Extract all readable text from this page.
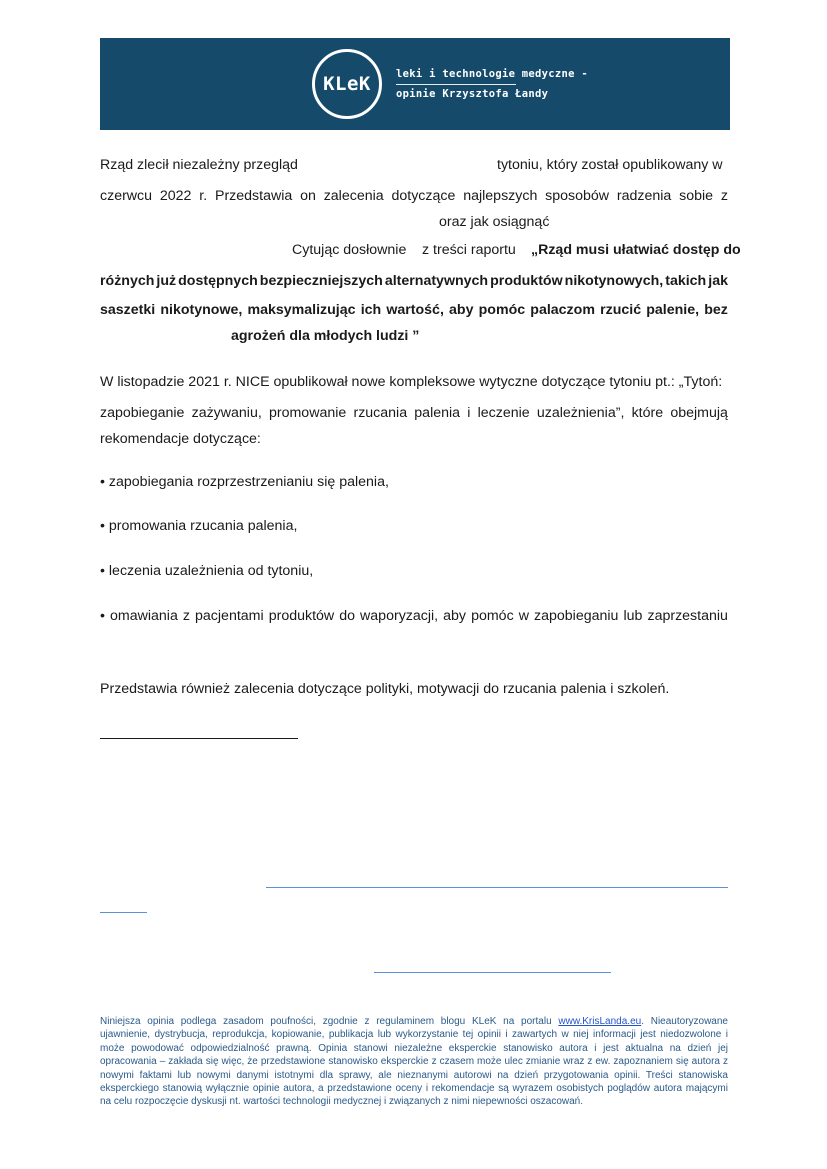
KLeK leki i technologie medyczne -
opinie Krzysztofa Łandy
Rząd zlecił niezależny przegląd	tytoniu, który został opublikowany w
czerwcu 2022 r. Przedstawia on zalecenia dotyczące najlepszych sposobów radzenia sobie z
oraz jak osiągnąć
Cytując dosłownie z treści raportu „Rząd musi ułatwiać dostęp do
różnych już dostępnych bezpieczniejszych alternatywnych produktów nikotynowych, takich jak
saszetki nikotynowe, maksymalizując ich wartość, aby pomóc palaczom rzucić palenie, bez
agrożeń dla młodych ludzi ”
W listopadzie 2021 r. NICE opublikował nowe kompleksowe wytyczne dotyczące tytoniu pt.: „Tytoń:
zapobieganie zażywaniu, promowanie rzucania palenia i leczenie uzależnienia”, które obejmują
rekomendacje dotyczące:
• zapobiegania rozprzestrzenianiu się palenia,
• promowania rzucania palenia,
• leczenia uzależnienia od tytoniu,
• omawiania z pacjentami produktów do waporyzacji, aby pomóc w zapobieganiu lub zaprzestaniu
Przedstawia również zalecenia dotyczące polityki, motywacji do rzucania palenia i szkoleń.
Niniejsza opinia podlega zasadom poufności, zgodnie z regulaminem blogu KLeK na portalu www.KrisLanda.eu. Nieautoryzowane ujawnienie, dystrybucja, reprodukcja, kopiowanie, publikacja lub wykorzystanie tej opinii i zawartych w niej informacji jest niedozwolone i może powodować odpowiedzialność prawną. Opinia stanowi niezależne eksperckie stanowisko autora i jest aktualna na dzień jej opracowania – zakłada się więc, że przedstawione stanowisko eksperckie z czasem może ulec zmianie wraz z ew. zapoznaniem się autora z nowymi faktami lub nowymi danymi istotnymi dla sprawy, ale nieznanymi autorowi na dzień przygotowania opinii. Treści stanowiska eksperckiego stanowią wyłącznie opinie autora, a przedstawione oceny i rekomendacje są wyrazem osobistych poglądów autora mającymi na celu rozpoczęcie dyskusji nt. wartości technologii medycznej i związanych z nimi niepewności oszacowań.
